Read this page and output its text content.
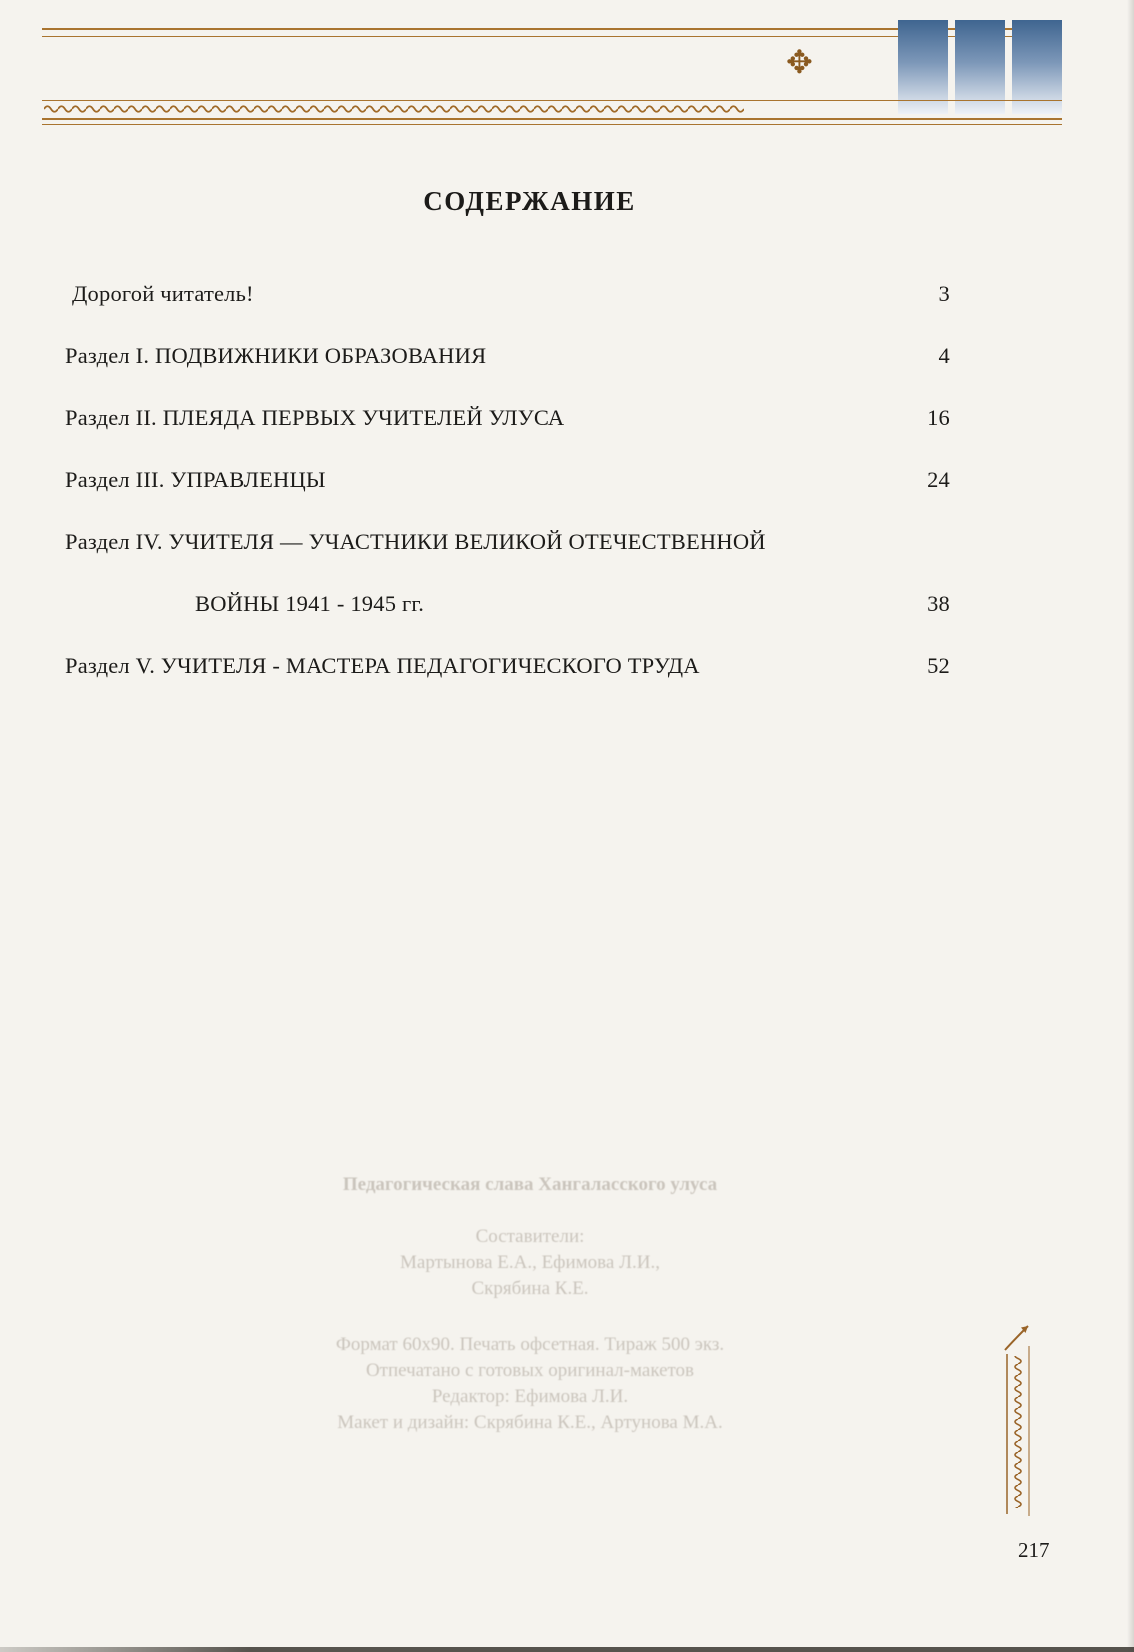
✥
СОДЕРЖАНИЕ
Дорогой читатель!	3
Раздел I. ПОДВИЖНИКИ ОБРАЗОВАНИЯ	4
Раздел II. ПЛЕЯДА ПЕРВЫХ УЧИТЕЛЕЙ УЛУСА	16
Раздел III. УПРАВЛЕНЦЫ	24
Раздел IV. УЧИТЕЛЯ — УЧАСТНИКИ ВЕЛИКОЙ ОТЕЧЕСТВЕННОЙ
ВОЙНЫ 1941 - 1945 гг.	38
Раздел V. УЧИТЕЛЯ - МАСТЕРА ПЕДАГОГИЧЕСКОГО ТРУДА	52

Педагогическая слава Хангаласского улуса

Составители:

Мартынова Е.А., Ефимова Л.И.,

Скрябина К.Е.

Формат 60х90. Печать офсетная. Тираж 500 экз.

Отпечатано с готовых оригинал-макетов

Редактор: Ефимова Л.И.

Макет и дизайн: Скрябина К.Е., Артунова М.А.

217
